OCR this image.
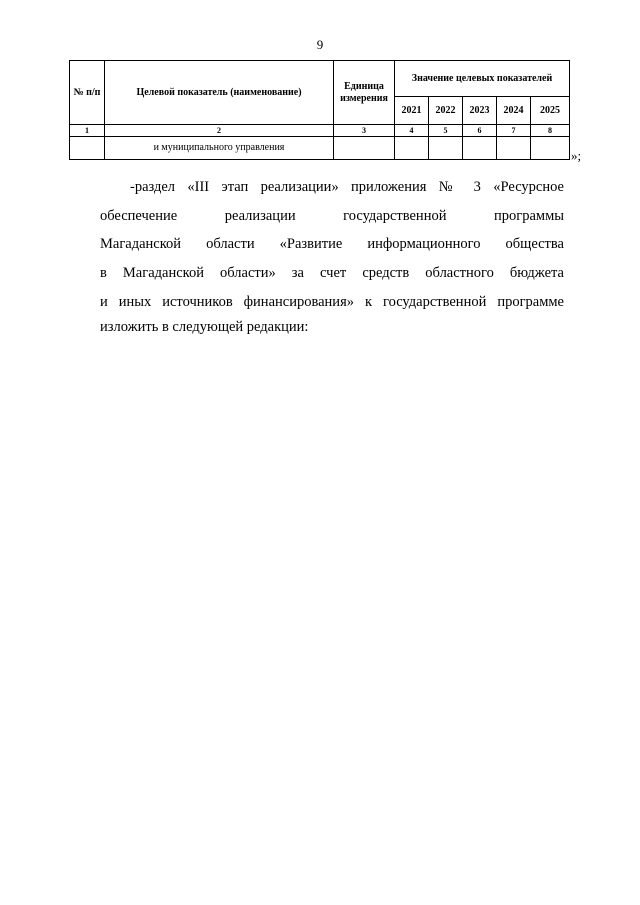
9
№ п/п	Целевой показатель (наименование)	Единица измерения	Значение целевых показателей				
			2021	2022	2023	2024	2025
1	2	3	4	5	6	7	8
	и муниципального управления						
»;
-раздел «III этап реализации» приложения № 3 «Ресурсное
обеспечение реализации государственной программы
Магаданской области «Развитие информационного общества
в Магаданской области» за счет средств областного бюджета
и иных источников финансирования» к государственной программе
изложить в следующей редакции:
